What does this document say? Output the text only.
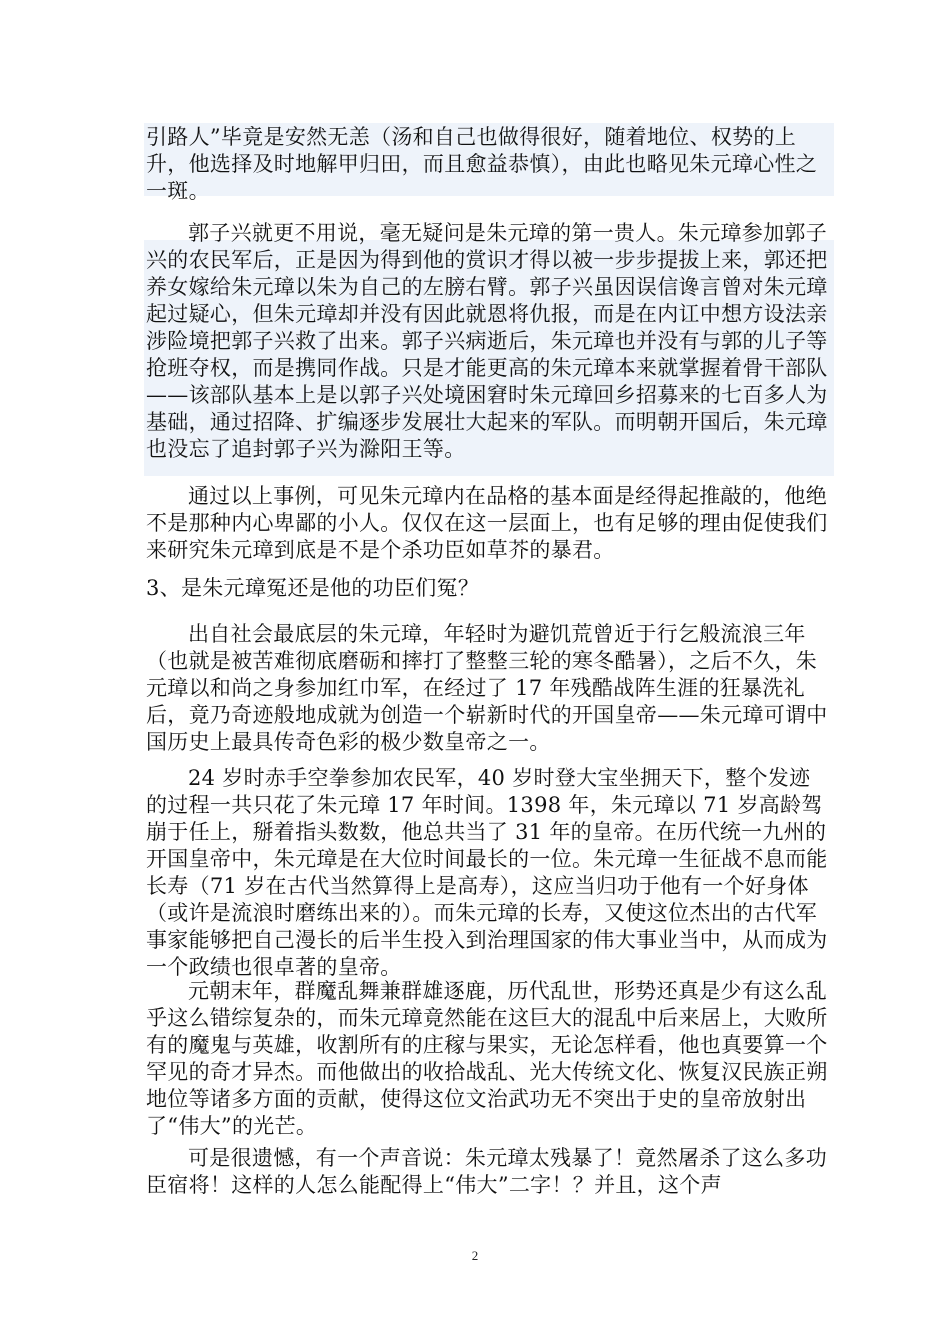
引路人”毕竟是安然无恙（汤和自己也做得很好，随着地位、权势的上升，他选择及时地解甲归田，而且愈益恭慎），由此也略见朱元璋心性之一斑。

郭子兴就更不用说，毫无疑问是朱元璋的第一贵人。朱元璋参加郭子兴的农民军后，正是因为得到他的赏识才得以被一步步提拔上来，郭还把养女嫁给朱元璋以朱为自己的左膀右臂。郭子兴虽因误信谗言曾对朱元璋起过疑心，但朱元璋却并没有因此就恩将仇报，而是在内讧中想方设法亲涉险境把郭子兴救了出来。郭子兴病逝后，朱元璋也并没有与郭的儿子等抢班夺权，而是携同作战。只是才能更高的朱元璋本来就掌握着骨干部队——该部队基本上是以郭子兴处境困窘时朱元璋回乡招募来的七百多人为基础，通过招降、扩编逐步发展壮大起来的军队。而明朝开国后，朱元璋也没忘了追封郭子兴为滁阳王等。

通过以上事例，可见朱元璋内在品格的基本面是经得起推敲的，他绝不是那种内心卑鄙的小人。仅仅在这一层面上，也有足够的理由促使我们来研究朱元璋到底是不是个杀功臣如草芥的暴君。

3、是朱元璋冤还是他的功臣们冤？

出自社会最底层的朱元璋，年轻时为避饥荒曾近于行乞般流浪三年（也就是被苦难彻底磨砺和摔打了整整三轮的寒冬酷暑），之后不久，朱元璋以和尚之身参加红巾军，在经过了 17 年残酷战阵生涯的狂暴洗礼后，竟乃奇迹般地成就为创造一个崭新时代的开国皇帝——朱元璋可谓中国历史上最具传奇色彩的极少数皇帝之一。

24 岁时赤手空拳参加农民军，40 岁时登大宝坐拥天下，整个发迹的过程一共只花了朱元璋 17 年时间。1398 年，朱元璋以 71 岁高龄驾崩于任上，掰着指头数数，他总共当了 31 年的皇帝。在历代统一九州的开国皇帝中，朱元璋是在大位时间最长的一位。朱元璋一生征战不息而能长寿（71 岁在古代当然算得上是高寿），这应当归功于他有一个好身体（或许是流浪时磨练出来的）。而朱元璋的长寿，又使这位杰出的古代军事家能够把自己漫长的后半生投入到治理国家的伟大事业当中，从而成为一个政绩也很卓著的皇帝。

元朝末年，群魔乱舞兼群雄逐鹿，历代乱世，形势还真是少有这么乱乎这么错综复杂的，而朱元璋竟然能在这巨大的混乱中后来居上，大败所有的魔鬼与英雄，收割所有的庄稼与果实，无论怎样看，他也真要算一个罕见的奇才异杰。而他做出的收拾战乱、光大传统文化、恢复汉民族正朔地位等诸多方面的贡献，使得这位文治武功无不突出于史的皇帝放射出了“伟大”的光芒。

可是很遗憾，有一个声音说：朱元璋太残暴了！竟然屠杀了这么多功臣宿将！这样的人怎么能配得上“伟大”二字！？并且，这个声

2
